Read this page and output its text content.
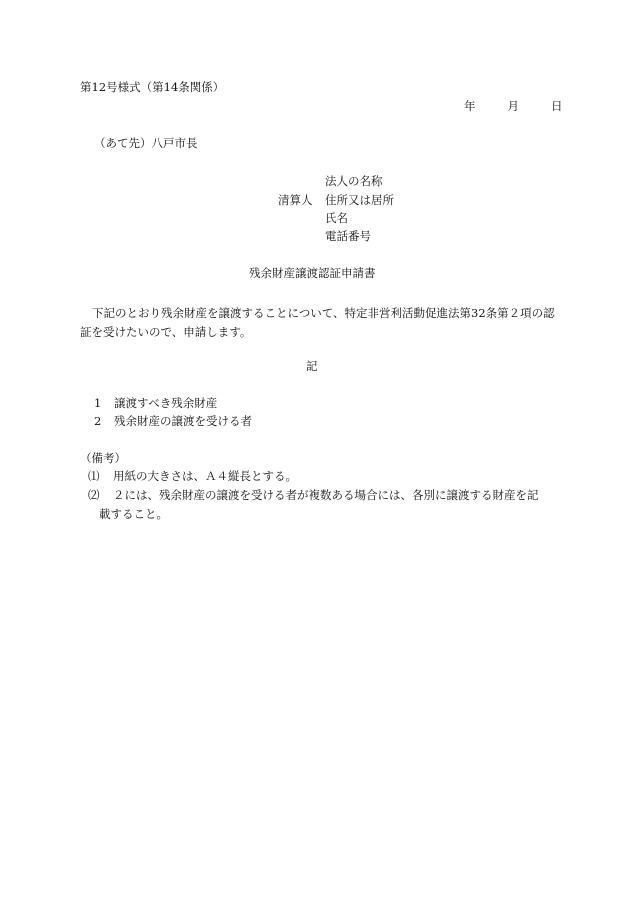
第12号様式（第14条関係）
年	月	日
（あて先）八戸市長
清算人
法人の名称
住所又は居所
氏名
電話番号
残余財産譲渡認証申請書
下記のとおり残余財産を譲渡することについて、特定非営利活動促進法第32条第２項の認証を受けたいので、申請します。
記
1 譲渡すべき残余財産
2 残余財産の譲渡を受ける者
（備考）
⑴ 用紙の大きさは、Ａ４縦長とする。
⑵ ２には、残余財産の譲渡を受ける者が複数ある場合には、各別に譲渡する財産を記
載すること。
